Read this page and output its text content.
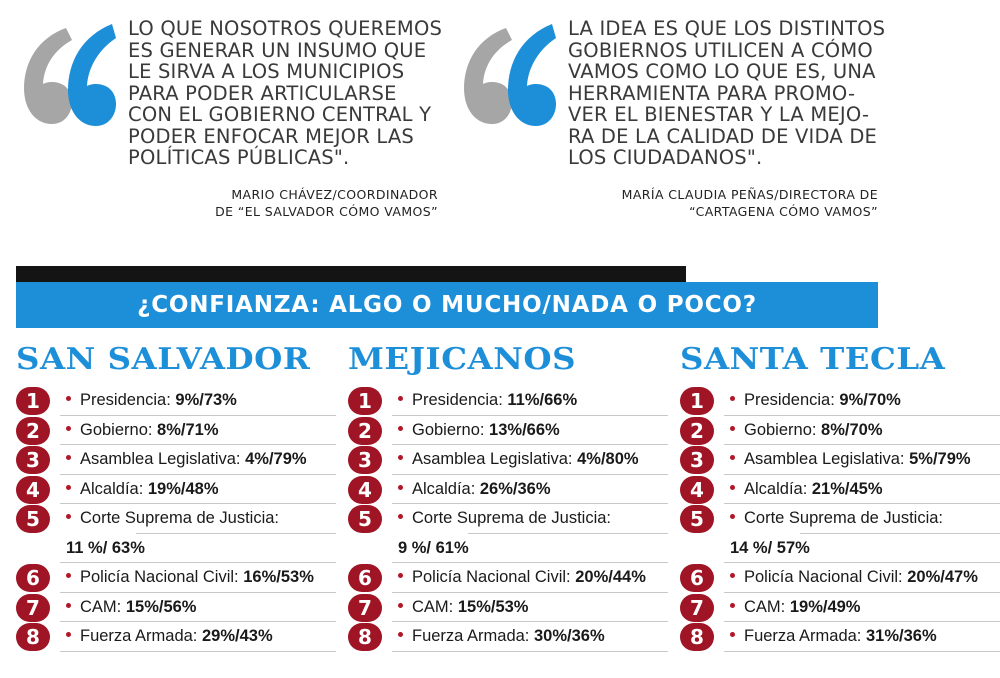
LO QUE NOSOTROS QUEREMOS
ES GENERAR UN INSUMO QUE
LE SIRVA A LOS MUNICIPIOS
PARA PODER ARTICULARSE
CON EL GOBIERNO CENTRAL Y
PODER ENFOCAR MEJOR LAS
POLÍTICAS PÚBLICAS".
MARIO CHÁVEZ/COORDINADOR
DE “EL SALVADOR CÓMO VAMOS”
LA IDEA ES QUE LOS DISTINTOS
GOBIERNOS UTILICEN A CÓMO
VAMOS COMO LO QUE ES, UNA
HERRAMIENTA PARA PROMO-
VER EL BIENESTAR Y LA MEJO-
RA DE LA CALIDAD DE VIDA DE
LOS CIUDADANOS".
MARÍA CLAUDIA PEÑAS/DIRECTORA DE
“CARTAGENA CÓMO VAMOS”
¿CONFIANZA: ALGO O MUCHO/NADA O POCO?
SAN SALVADOR
1	Presidencia: 9%/73%
2	Gobierno: 8%/71%
3	Asamblea Legislativa: 4%/79%
4	Alcaldía: 19%/48%
5	Corte Suprema de Justicia:
11 %/ 63%
6	Policía Nacional Civil: 16%/53%
7	CAM: 15%/56%
8	Fuerza Armada: 29%/43%
MEJICANOS
1	Presidencia: 11%/66%
2	Gobierno: 13%/66%
3	Asamblea Legislativa: 4%/80%
4	Alcaldía: 26%/36%
5	Corte Suprema de Justicia:
9 %/ 61%
6	Policía Nacional Civil: 20%/44%
7	CAM: 15%/53%
8	Fuerza Armada: 30%/36%
SANTA TECLA
1	Presidencia: 9%/70%
2	Gobierno: 8%/70%
3	Asamblea Legislativa: 5%/79%
4	Alcaldía: 21%/45%
5	Corte Suprema de Justicia:
14 %/ 57%
6	Policía Nacional Civil: 20%/47%
7	CAM: 19%/49%
8	Fuerza Armada: 31%/36%
